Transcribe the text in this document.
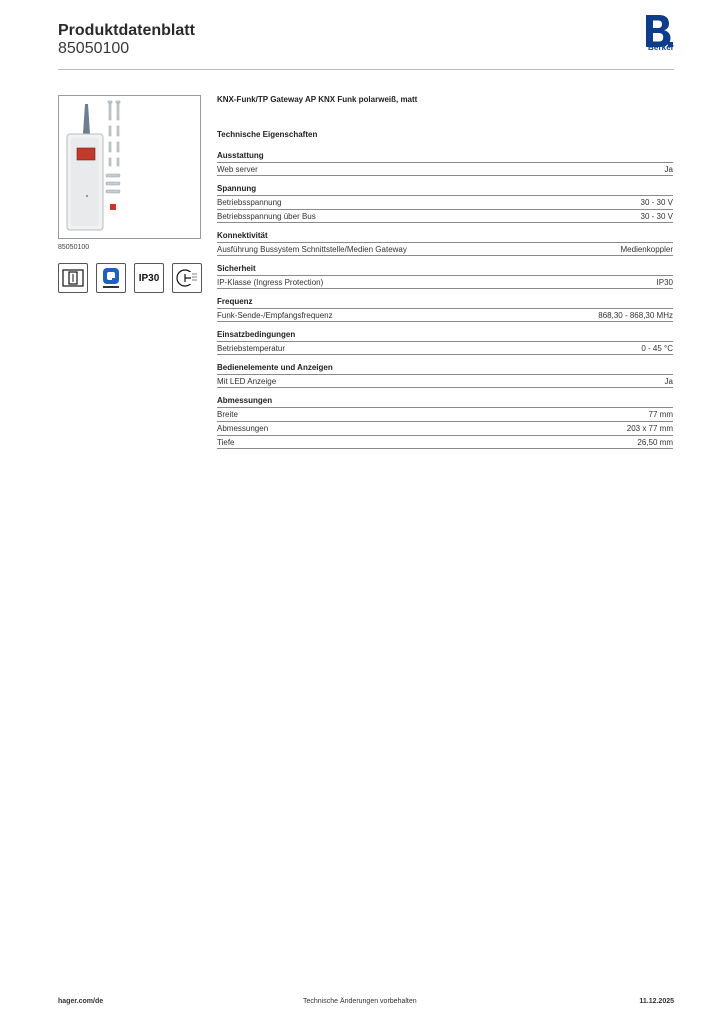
Produktdatenblatt
85050100	Berker
85050100
IP30
KNX-Funk/TP Gateway AP KNX Funk polarweiß, matt
Technische Eigenschaften
Ausstattung
Web server	Ja
Spannung
Betriebsspannung	30 - 30 V
Betriebsspannung über Bus	30 - 30 V
Konnektivität
Ausführung Bussystem Schnittstelle/Medien Gateway	Medienkoppler
Sicherheit
IP-Klasse (Ingress Protection)	IP30
Frequenz
Funk-Sende-/Empfangsfrequenz	868,30 - 868,30 MHz
Einsatzbedingungen
Betriebstemperatur	0 - 45 °C
Bedienelemente und Anzeigen
Mit LED Anzeige	Ja
Abmessungen
Breite	77 mm
Abmessungen	203 x 77 mm
Tiefe	26,50 mm
hager.com/de	Technische Änderungen vorbehalten	11.12.2025
